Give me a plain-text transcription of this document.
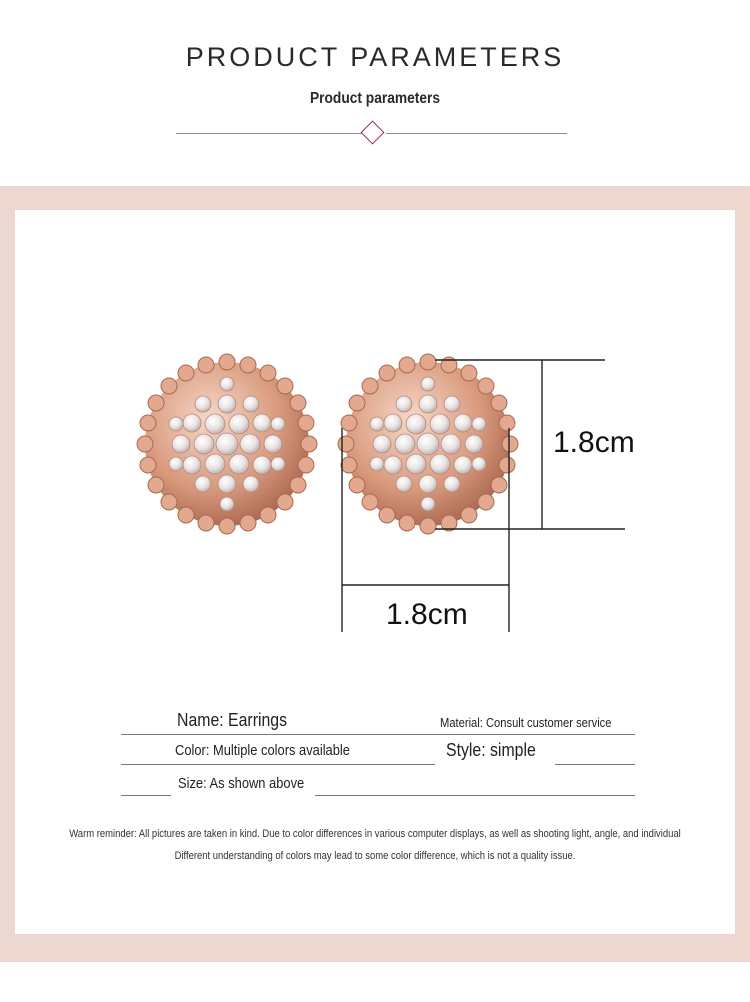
PRODUCT PARAMETERS
Product parameters
1.8cm
1.8cm
Name: Earrings	Material: Consult customer service
Color: Multiple colors available	Style: simple
Size: As shown above
Warm reminder: All pictures are taken in kind. Due to color differences in various computer displays, as well as shooting light, angle, and individual
Different understanding of colors may lead to some color difference, which is not a quality issue.
